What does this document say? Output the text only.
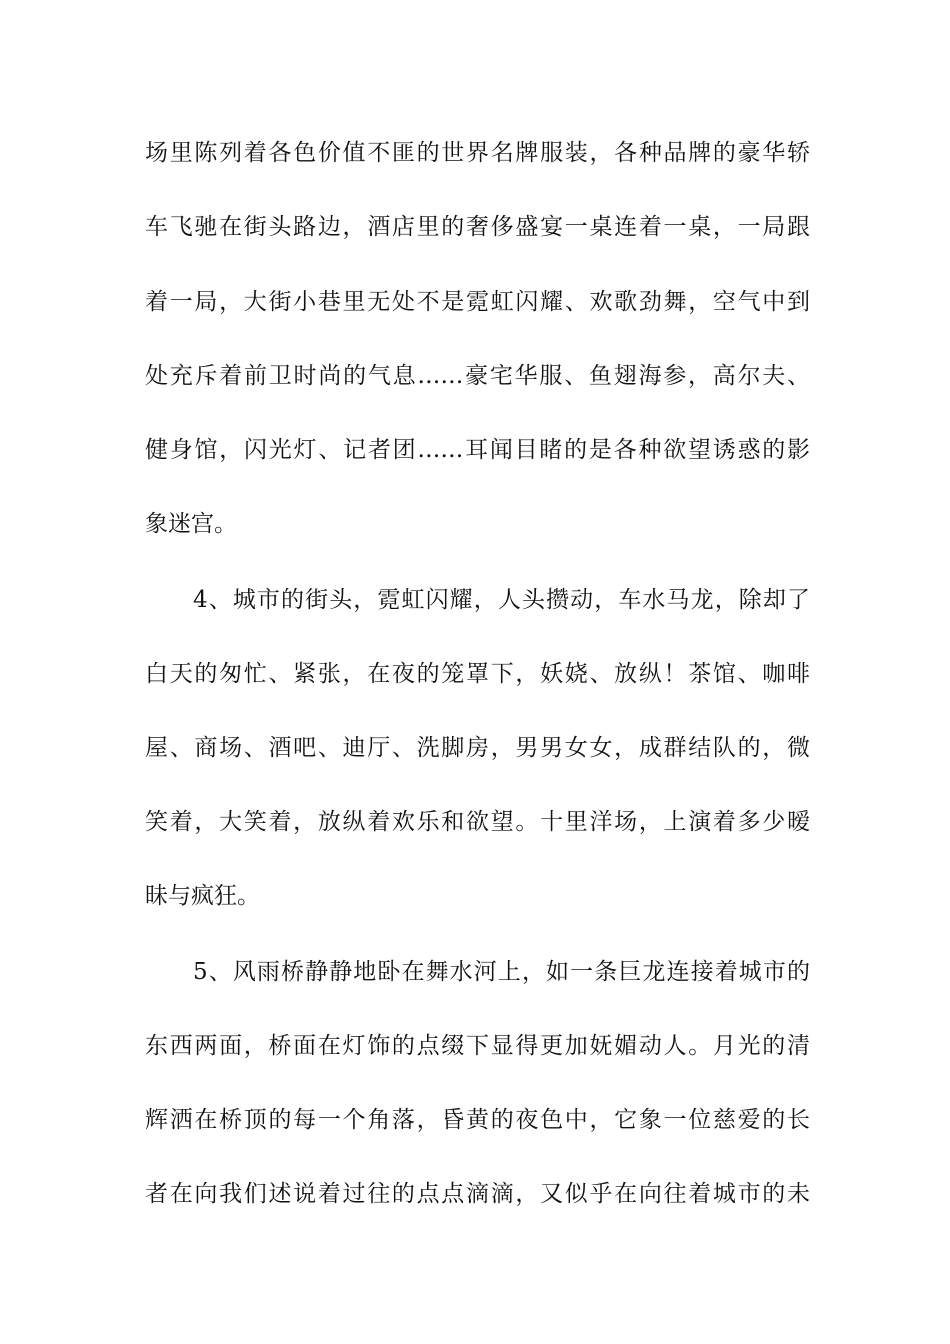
场里陈列着各色价值不匪的世界名牌服装，各种品牌的豪华轿
车飞驰在街头路边，酒店里的奢侈盛宴一桌连着一桌，一局跟
着一局，大街小巷里无处不是霓虹闪耀、欢歌劲舞，空气中到
处充斥着前卫时尚的气息……豪宅华服、鱼翅海参，高尔夫、
健身馆，闪光灯、记者团……耳闻目睹的是各种欲望诱惑的影
象迷宫。
4、城市的街头，霓虹闪耀，人头攒动，车水马龙，除却了
白天的匆忙、紧张，在夜的笼罩下，妖娆、放纵！茶馆、咖啡
屋、商场、酒吧、迪厅、洗脚房，男男女女，成群结队的，微
笑着，大笑着，放纵着欢乐和欲望。十里洋场，上演着多少暧
昧与疯狂。
5、风雨桥静静地卧在舞水河上，如一条巨龙连接着城市的
东西两面，桥面在灯饰的点缀下显得更加妩媚动人。月光的清
辉洒在桥顶的每一个角落，昏黄的夜色中，它象一位慈爱的长
者在向我们述说着过往的点点滴滴，又似乎在向往着城市的未
